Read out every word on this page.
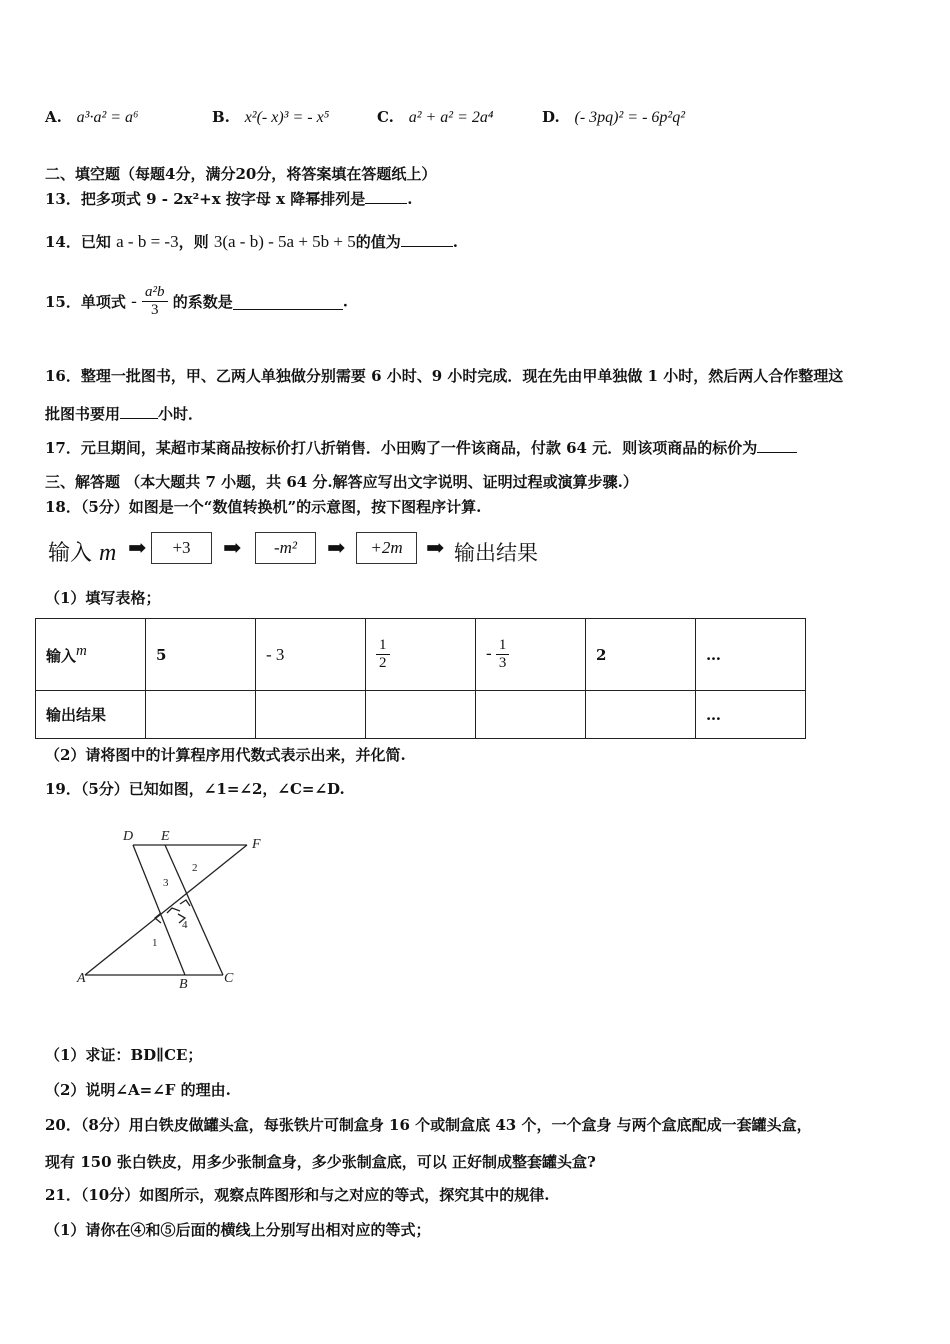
A. a³·a² = a⁶	B. x²(- x)³ = - x⁵	C. a² + a² = 2a⁴	D. (- 3pq)² = - 6p²q²
二、填空题（每题4分，满分20分，将答案填在答题纸上）
13．把多项式 9 - 2x²+x 按字母 x 降幂排列是	.
14．已知 a - b = -3，则 3(a - b) - 5a + 5b + 5的值为	.
15．单项式 - $\frac{\text{a²b}}{3}$ 的系数是	.
16．整理一批图书，甲、乙两人单独做分别需要 6 小时、9 小时完成．现在先由甲单独做 1 小时，然后两人合作整理这
批图书要用	小时．
17．元旦期间，某超市某商品按标价打八折销售．小田购了一件该商品，付款 64 元．则该项商品的标价为
三、解答题 （本大题共 7 小题，共 64 分.解答应写出文字说明、证明过程或演算步骤.）
18．（5分）如图是一个“数值转换机”的示意图，按下图程序计算.
输入 m ➡	+3	➡	-m²	➡	+2m	➡ 输出结果
（1）填写表格；
输入m	5	- 3	$\frac{1}{2}$	- $\frac{1}{3}$	2	…
输出结果						…
（2）请将图中的计算程序用代数式表示出来，并化简.
19．（5分）已知如图，∠1=∠2，∠C=∠D.
D E
F
A	B	C
1
2
3
4
（1）求证：BD∥CE；
（2）说明∠A=∠F 的理由.
20．（8分）用白铁皮做罐头盒，每张铁片可制盒身 16 个或制盒底 43 个，一个盒身 与两个盒底配成一套罐头盒，
现有 150 张白铁皮，用多少张制盒身，多少张制盒底，可以 正好制成整套罐头盒?
21．（10分）如图所示，观察点阵图形和与之对应的等式，探究其中的规律.
（1）请你在④和⑤后面的横线上分别写出相对应的等式；
